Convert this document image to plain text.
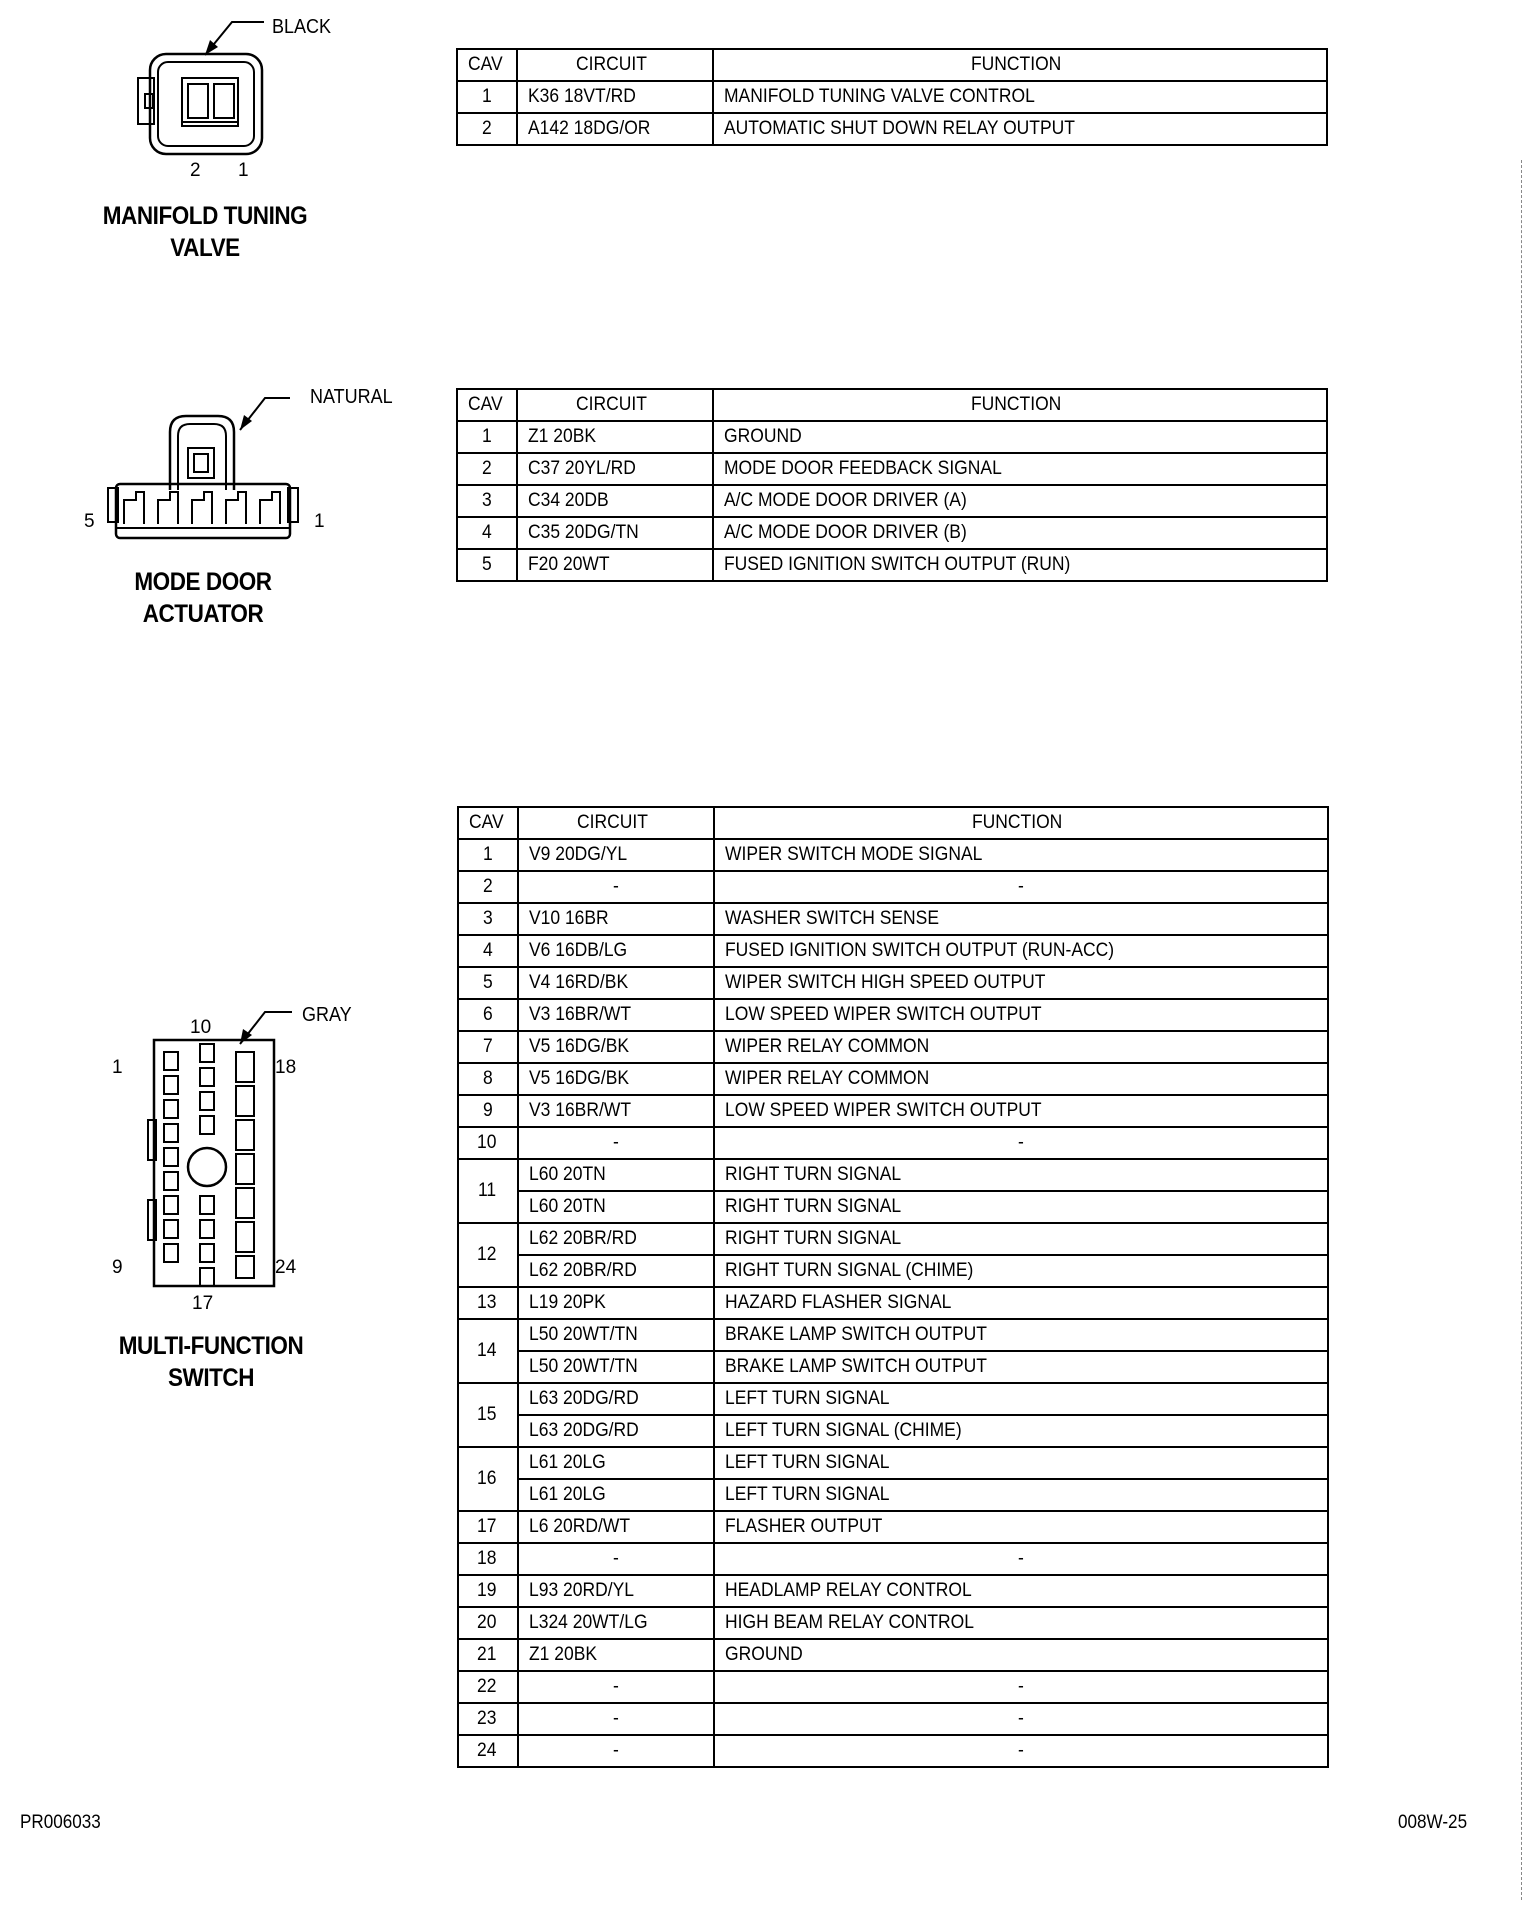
BLACK
2 1
MANIFOLD TUNING
VALVE
CAV	CIRCUIT	FUNCTION
1	K36 18VT/RD	MANIFOLD TUNING VALVE CONTROL
2	A142 18DG/OR	AUTOMATIC SHUT DOWN RELAY OUTPUT
NATURAL
5	1
MODE DOOR
ACTUATOR
CAV	CIRCUIT	FUNCTION
1	Z1 20BK	GROUND
2	C37 20YL/RD	MODE DOOR FEEDBACK SIGNAL
3	C34 20DB	A/C MODE DOOR DRIVER (A)
4	C35 20DG/TN	A/C MODE DOOR DRIVER (B)
5	F20 20WT	FUSED IGNITION SWITCH OUTPUT (RUN)
GRAY
10
1	18
9	24
17
MULTI-FUNCTION
SWITCH
CAV	CIRCUIT	FUNCTION
1	V9 20DG/YL	WIPER SWITCH MODE SIGNAL
2	-	-
3	V10 16BR	WASHER SWITCH SENSE
4	V6 16DB/LG	FUSED IGNITION SWITCH OUTPUT (RUN-ACC)
5	V4 16RD/BK	WIPER SWITCH HIGH SPEED OUTPUT
6	V3 16BR/WT	LOW SPEED WIPER SWITCH OUTPUT
7	V5 16DG/BK	WIPER RELAY COMMON
8	V5 16DG/BK	WIPER RELAY COMMON
9	V3 16BR/WT	LOW SPEED WIPER SWITCH OUTPUT
10	-	-
11	L60 20TN	RIGHT TURN SIGNAL
	L60 20TN	RIGHT TURN SIGNAL
12	L62 20BR/RD	RIGHT TURN SIGNAL
	L62 20BR/RD	RIGHT TURN SIGNAL (CHIME)
13	L19 20PK	HAZARD FLASHER SIGNAL
14	L50 20WT/TN	BRAKE LAMP SWITCH OUTPUT
	L50 20WT/TN	BRAKE LAMP SWITCH OUTPUT
15	L63 20DG/RD	LEFT TURN SIGNAL
	L63 20DG/RD	LEFT TURN SIGNAL (CHIME)
16	L61 20LG	LEFT TURN SIGNAL
	L61 20LG	LEFT TURN SIGNAL
17	L6 20RD/WT	FLASHER OUTPUT
18	-	-
19	L93 20RD/YL	HEADLAMP RELAY CONTROL
20	L324 20WT/LG	HIGH BEAM RELAY CONTROL
21	Z1 20BK	GROUND
22	-	-
23	-	-
24	-	-
PR006033	008W-25
